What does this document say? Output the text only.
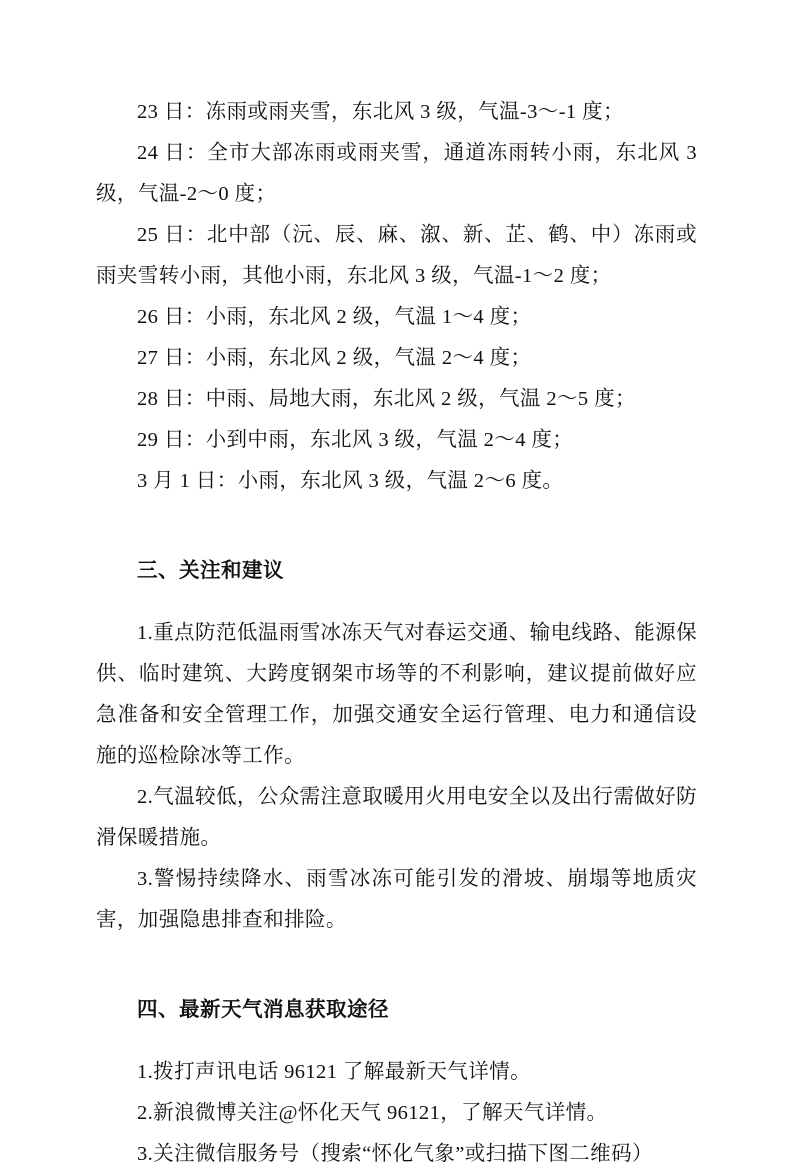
23 日：冻雨或雨夹雪，东北风 3 级，气温-3～-1 度；

24 日：全市大部冻雨或雨夹雪，通道冻雨转小雨，东北风 3 级，气温-2～0 度；

25 日：北中部（沅、辰、麻、溆、新、芷、鹤、中）冻雨或雨夹雪转小雨，其他小雨，东北风 3 级，气温-1～2 度；

26 日：小雨，东北风 2 级，气温 1～4 度；

27 日：小雨，东北风 2 级，气温 2～4 度；

28 日：中雨、局地大雨，东北风 2 级，气温 2～5 度；

29 日：小到中雨，东北风 3 级，气温 2～4 度；

3 月 1 日：小雨，东北风 3 级，气温 2～6 度。

三、关注和建议

1.重点防范低温雨雪冰冻天气对春运交通、输电线路、能源保供、临时建筑、大跨度钢架市场等的不利影响，建议提前做好应急准备和安全管理工作，加强交通安全运行管理、电力和通信设施的巡检除冰等工作。

2.气温较低，公众需注意取暖用火用电安全以及出行需做好防滑保暖措施。

3.警惕持续降水、雨雪冰冻可能引发的滑坡、崩塌等地质灾害，加强隐患排查和排险。

四、最新天气消息获取途径

1.拨打声讯电话 96121 了解最新天气详情。

2.新浪微博关注@怀化天气 96121，了解天气详情。

3.关注微信服务号（搜索“怀化气象”或扫描下图二维码）
